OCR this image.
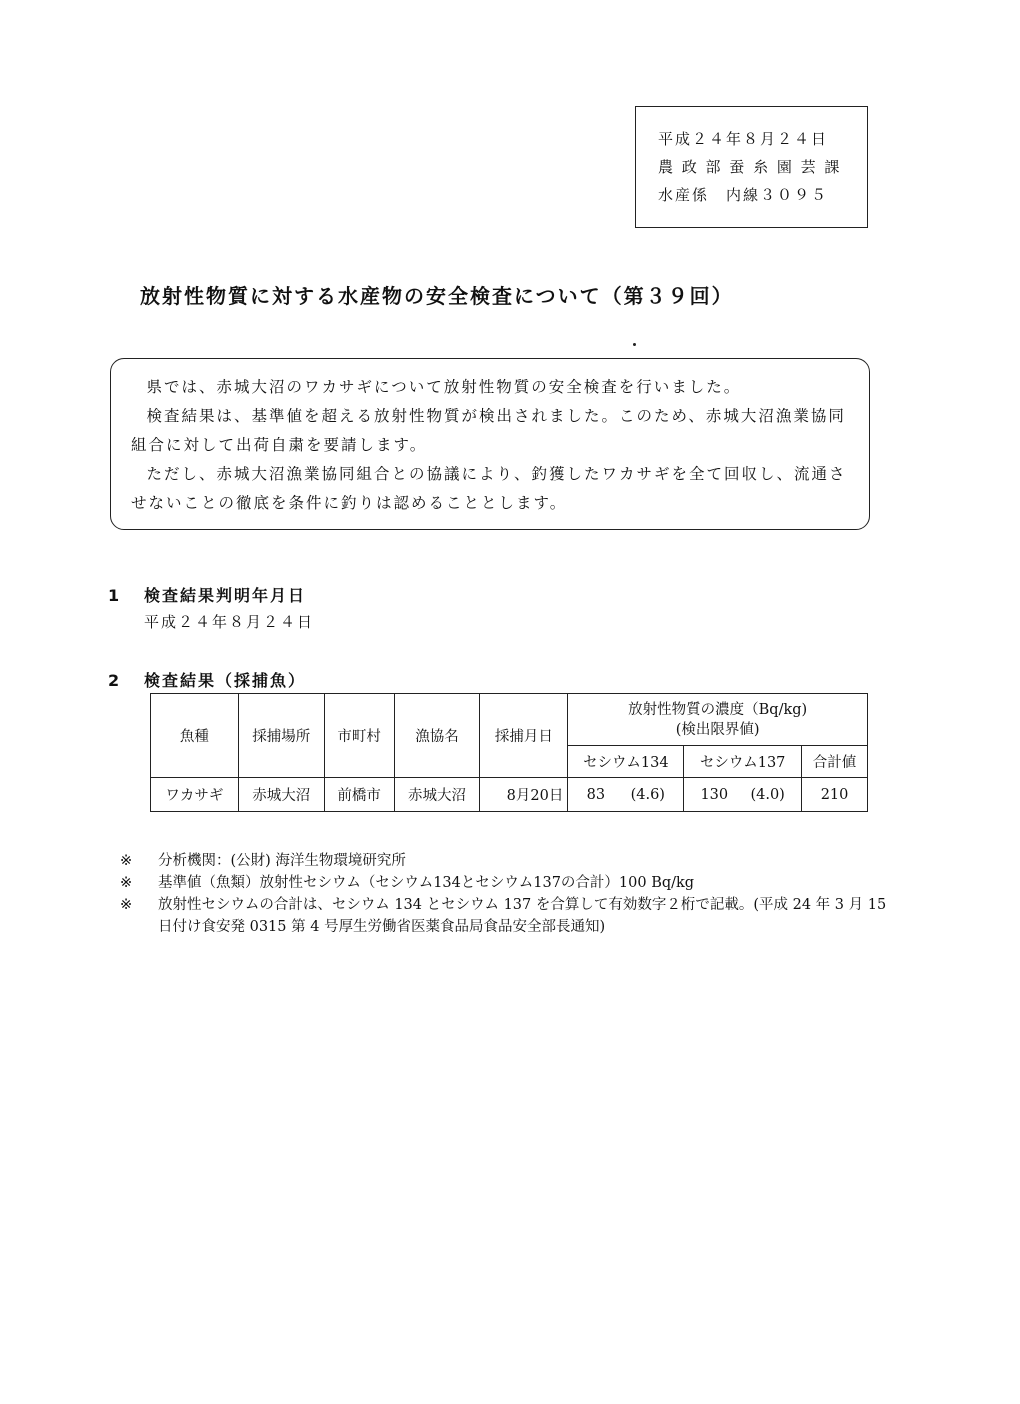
平成２４年８月２４日
農 政 部 蚕 糸 園 芸 課
水産係　内線３０９５
放射性物質に対する水産物の安全検査について（第３９回）

県では、赤城大沼のワカサギについて放射性物質の安全検査を行いました。

検査結果は、基準値を超える放射性物質が検出されました。このため、赤城大沼漁業協同組合に対して出荷自粛を要請します。

ただし、赤城大沼漁業協同組合との協議により、釣獲したワカサギを全て回収し、流通させないことの徹底を条件に釣りは認めることとします。

1 検査結果判明年月日
平成２４年８月２４日
2 検査結果（採捕魚）
魚種	採捕場所	市町村	漁協名	採捕月日	放射性物質の濃度（Bq/kg)
(検出限界値)		

					セシウム134	セシウム137	合計値
ワカサギ	赤城大沼	前橋市	赤城大沼	8月20日	83 (4.6)	130 (4.0)	210
※	分析機関：(公財) 海洋生物環境研究所
※	基準値（魚類）放射性セシウム（セシウム134とセシウム137の合計）100 Bq/kg
※	放射性セシウムの合計は、セシウム 134 とセシウム 137 を合算して有効数字２桁で記載。(平成 24 年 3 月 15 日付け食安発 0315 第 4 号厚生労働省医薬食品局食品安全部長通知)
